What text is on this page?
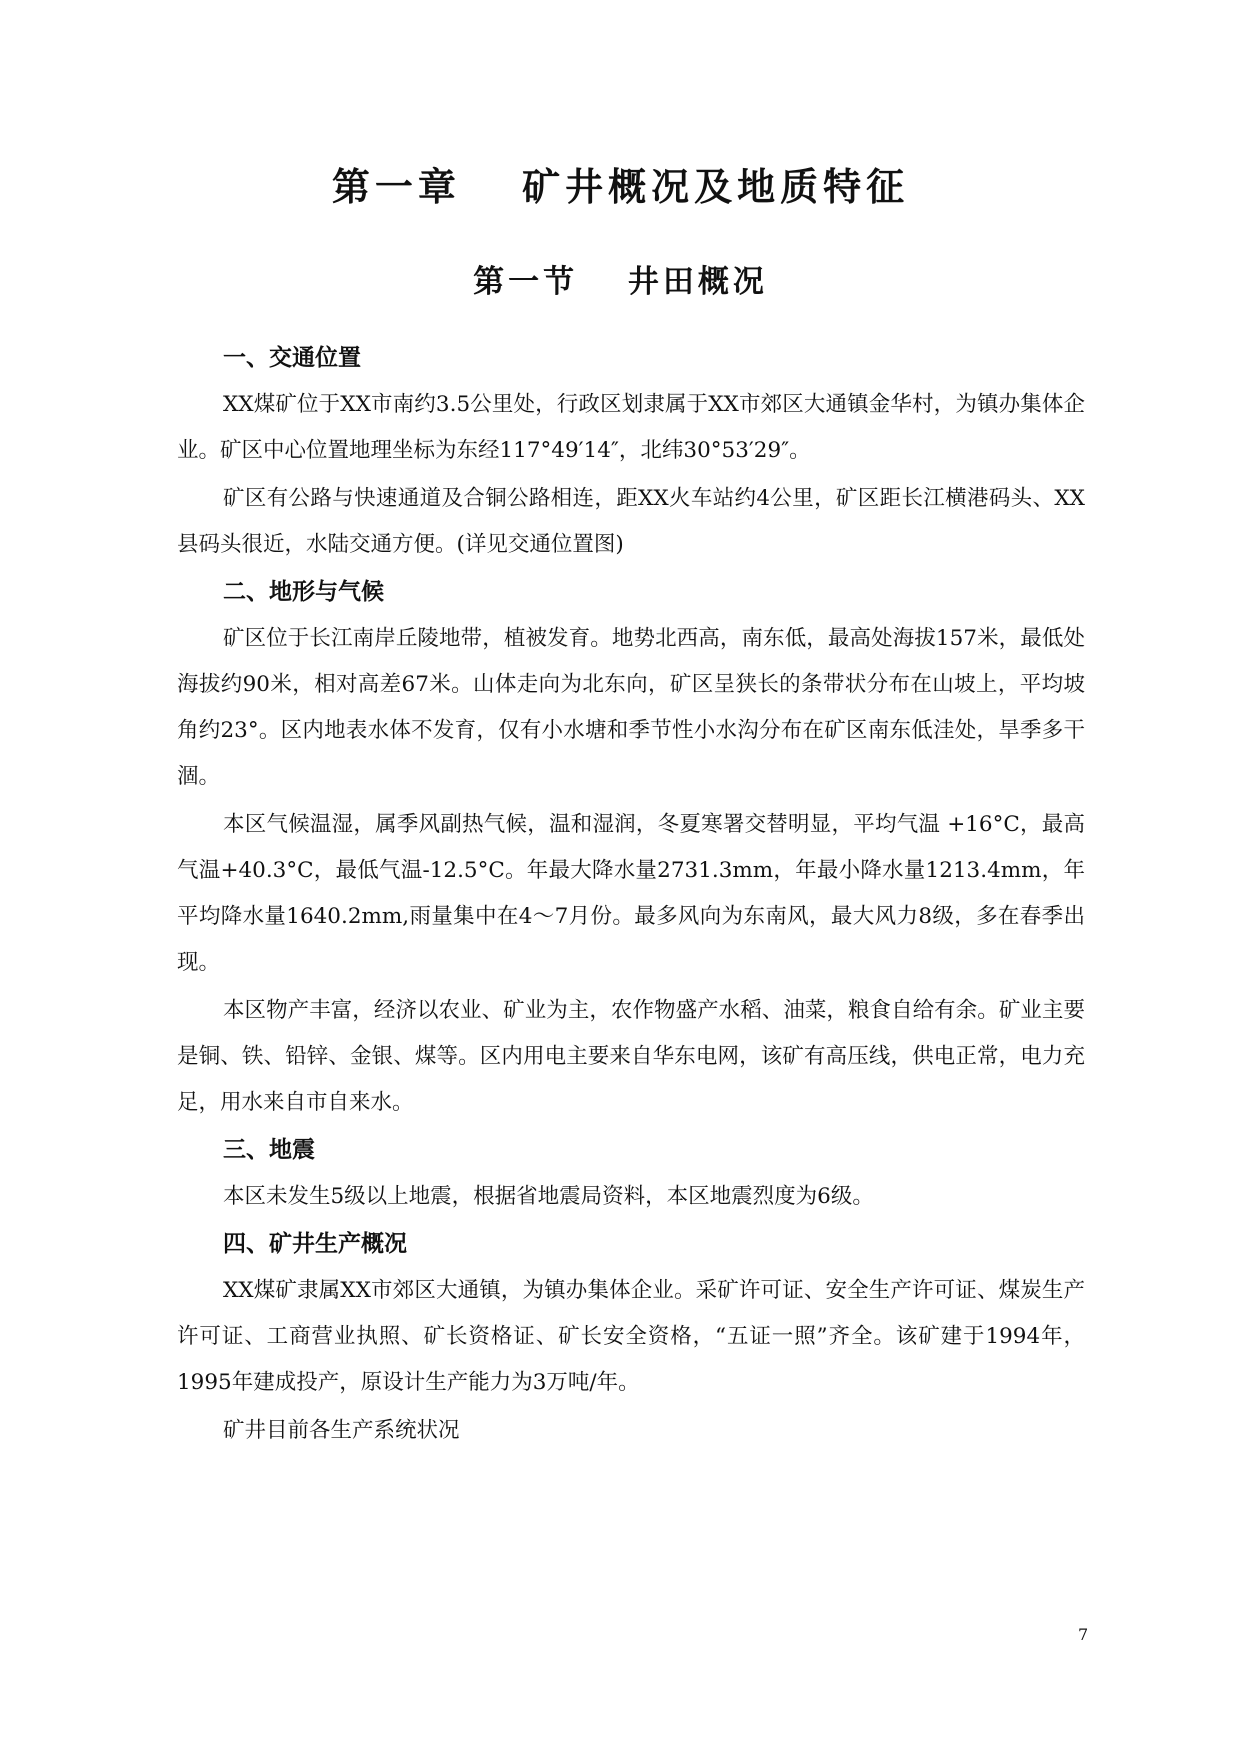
第一章　 矿井概况及地质特征
第一节　 井田概况
一、交通位置

XX煤矿位于XX市南约3.5公里处，行政区划隶属于XX市郊区大通镇金华村，为镇办集体企业。矿区中心位置地理坐标为东经117°49′14″，北纬30°53′29″。

矿区有公路与快速通道及合铜公路相连，距XX火车站约4公里，矿区距长江横港码头、XX县码头很近，水陆交通方便。(详见交通位置图)

二、地形与气候

矿区位于长江南岸丘陵地带，植被发育。地势北西高，南东低，最高处海拔157米，最低处海拔约90米，相对高差67米。山体走向为北东向，矿区呈狭长的条带状分布在山坡上，平均坡角约23°。区内地表水体不发育，仅有小水塘和季节性小水沟分布在矿区南东低洼处，旱季多干涸。

本区气候温湿，属季风副热气候，温和湿润，冬夏寒署交替明显，平均气温 +16°C，最高气温+40.3°C，最低气温-12.5°C。年最大降水量2731.3mm，年最小降水量1213.4mm，年平均降水量1640.2mm,雨量集中在4～7月份。最多风向为东南风，最大风力8级，多在春季出现。

本区物产丰富，经济以农业、矿业为主，农作物盛产水稻、油菜，粮食自给有余。矿业主要是铜、铁、铅锌、金银、煤等。区内用电主要来自华东电网，该矿有高压线，供电正常，电力充足，用水来自市自来水。

三、地震

本区未发生5级以上地震，根据省地震局资料，本区地震烈度为6级。

四、矿井生产概况

XX煤矿隶属XX市郊区大通镇，为镇办集体企业。采矿许可证、安全生产许可证、煤炭生产许可证、工商营业执照、矿长资格证、矿长安全资格，“五证一照”齐全。该矿建于1994年，1995年建成投产，原设计生产能力为3万吨/年。

矿井目前各生产系统状况

7
